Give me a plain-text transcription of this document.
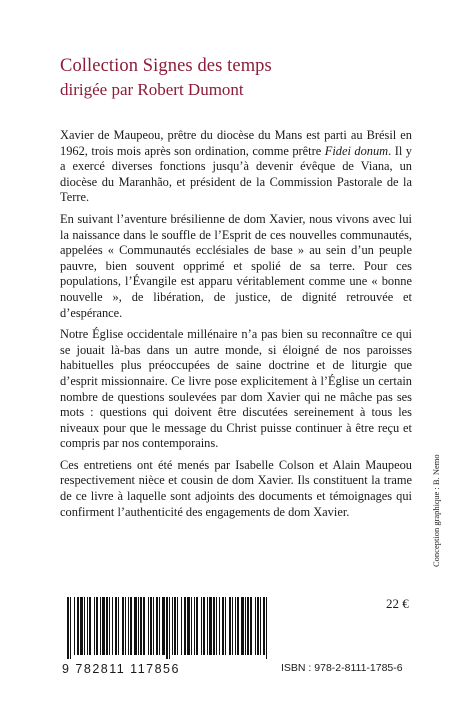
Collection Signes des temps
dirigée par Robert Dumont

Xavier de Maupeou, prêtre du diocèse du Mans est parti au Brésil en 1962, trois mois après son ordination, comme prêtre Fidei donum. Il y a exercé diverses fonctions jusqu’à devenir évêque de Viana, un diocèse du Maranhão, et président de la Commission Pastorale de la Terre.

En suivant l’aventure brésilienne de dom Xavier, nous vivons avec lui la naissance dans le souffle de l’Esprit de ces nouvelles communautés, appelées « Communautés ecclésiales de base » au sein d’un peuple pauvre, bien souvent opprimé et spolié de sa terre. Pour ces populations, l’Évangile est apparu véritablement comme une « bonne nouvelle », de libération, de justice, de dignité retrouvée et d’espérance.

Notre Église occidentale millénaire n’a pas bien su reconnaître ce qui se jouait là-bas dans un autre monde, si éloigné de nos paroisses habituelles plus préoccupées de saine doctrine et de liturgie que d’esprit missionnaire. Ce livre pose explicitement à l’Église un certain nombre de questions soulevées par dom Xavier qui ne mâche pas ses mots : questions qui doivent être discutées sereinement à tous les niveaux pour que le message du Christ puisse continuer à être reçu et compris par nos contemporains.

Ces entretiens ont été menés par Isabelle Colson et Alain Maupeou respectivement nièce et cousin de dom Xavier. Ils constituent la trame de ce livre à laquelle sont adjoints des documents et témoignages qui confirment l’authenticité des engagements de dom Xavier.	Conception graphique : B. Nemo
22 €
9 782811 117856	ISBN : 978-2-8111-1785-6
